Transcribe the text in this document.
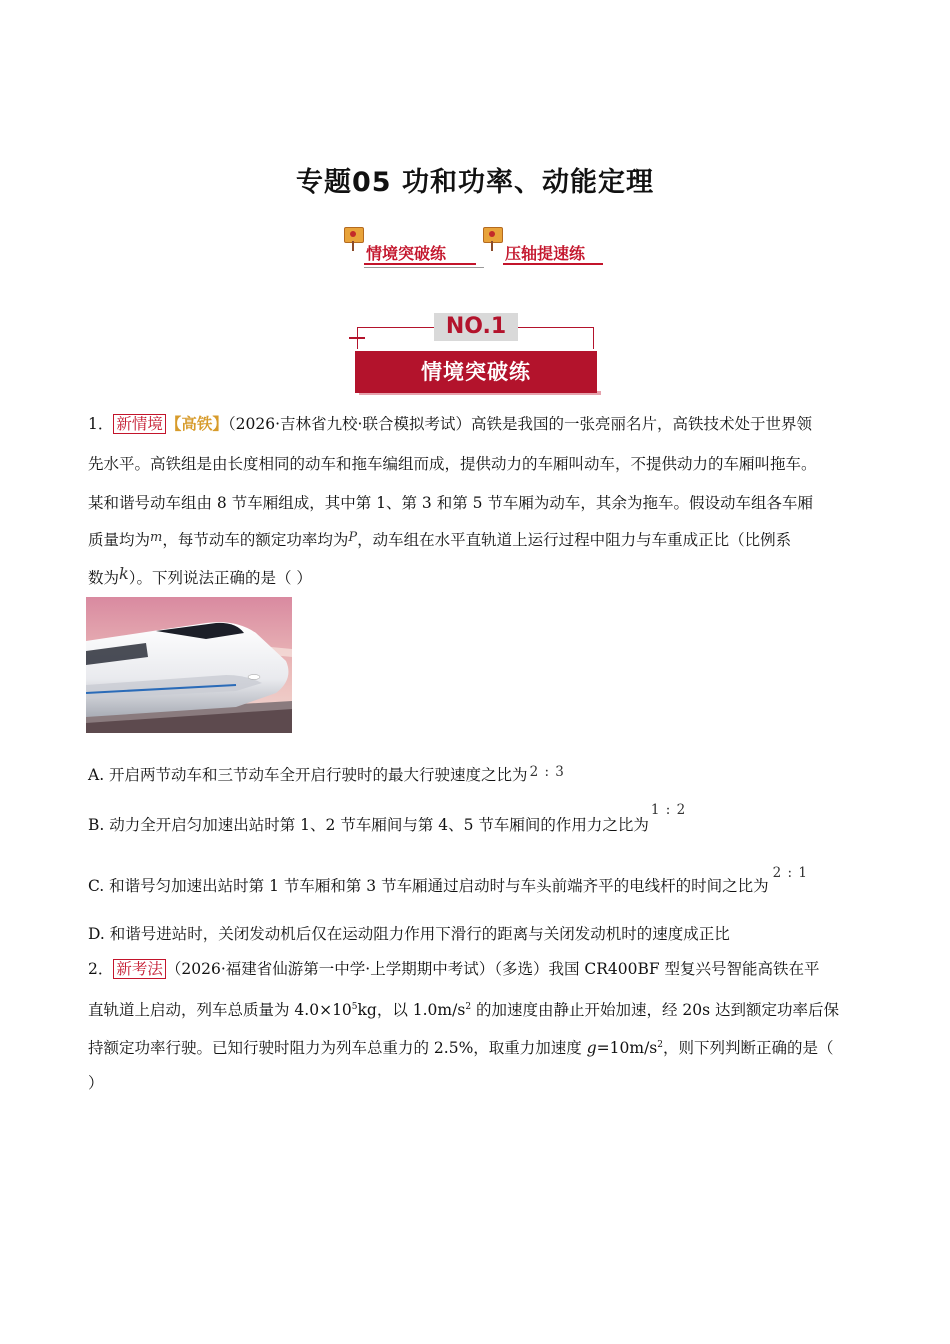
专题05 功和功率、动能定理
情境突破练	压轴提速练
NO.1
情境突破练
1． 新情境 【高铁】（2026·吉林省九校·联合模拟考试）高铁是我国的一张亮丽名片，高铁技术处于世界领
先水平。高铁组是由长度相同的动车和拖车编组而成，提供动力的车厢叫动车，不提供动力的车厢叫拖车。
某和谐号动车组由 8 节车厢组成，其中第 1、第 3 和第 5 节车厢为动车，其余为拖车。假设动车组各车厢
质量均为$^m$，每节动车的额定功率均为$^P$，动车组在水平直轨道上运行过程中阻力与车重成正比（比例系
数为k）。下列说法正确的是（ ）
A. 开启两节动车和三节动车全开启行驶时的最大行驶速度之比为 2 : 3
B. 动力全开启匀加速出站时第 1、2 节车厢间与第 4、5 节车厢间的作用力之比为1 : 2
C. 和谐号匀加速出站时第 1 节车厢和第 3 节车厢通过启动时与车头前端齐平的电线杆的时间之比为2 : 1
D. 和谐号进站时，关闭发动机后仅在运动阻力作用下滑行的距离与关闭发动机时的速度成正比
2． 新考法 （2026·福建省仙游第一中学·上学期期中考试）（多选）我国 CR400BF 型复兴号智能高铁在平
直轨道上启动，列车总质量为 $4.0\times 10^5kg$，以 $1.0m/s^2$ 的加速度由静止开始加速，经 20s 达到额定功率后保
持额定功率行驶。已知行驶时阻力为列车总重力的 2.5%，取重力加速度 $g=10m/s^2$，则下列判断正确的是（
）
